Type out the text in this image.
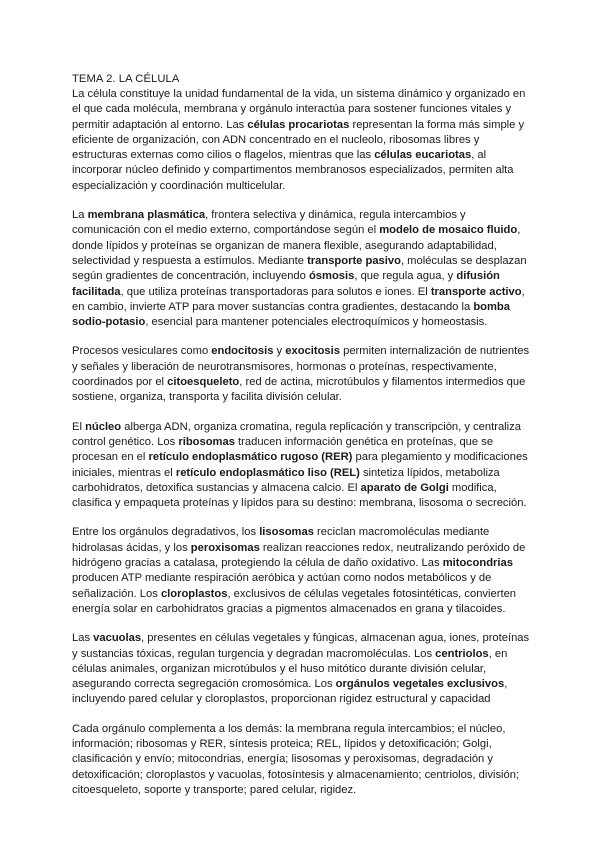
TEMA 2. LA CÉLULA

La célula constituye la unidad fundamental de la vida, un sistema dinámico y organizado en el que cada molécula, membrana y orgánulo interactúa para sostener funciones vitales y permitir adaptación al entorno. Las células procariotas representan la forma más simple y eficiente de organización, con ADN concentrado en el nucleolo, ribosomas libres y estructuras externas como cilios o flagelos, mientras que las células eucariotas, al incorporar núcleo definido y compartimentos membranosos especializados, permiten alta especialización y coordinación multicelular.

La membrana plasmática, frontera selectiva y dinámica, regula intercambios y comunicación con el medio externo, comportándose según el modelo de mosaico fluido, donde lípidos y proteínas se organizan de manera flexible, asegurando adaptabilidad, selectividad y respuesta a estímulos. Mediante transporte pasivo, moléculas se desplazan según gradientes de concentración, incluyendo ósmosis, que regula agua, y difusión facilitada, que utiliza proteínas transportadoras para solutos e iones. El transporte activo, en cambio, invierte ATP para mover sustancias contra gradientes, destacando la bomba sodio-potasio, esencial para mantener potenciales electroquímicos y homeostasis.

Procesos vesiculares como endocitosis y exocitosis permiten internalización de nutrientes y señales y liberación de neurotransmisores, hormonas o proteínas, respectivamente, coordinados por el citoesqueleto, red de actina, microtúbulos y filamentos intermedios que sostiene, organiza, transporta y facilita división celular.

El núcleo alberga ADN, organiza cromatina, regula replicación y transcripción, y centraliza control genético. Los ribosomas traducen información genética en proteínas, que se procesan en el retículo endoplasmático rugoso (RER) para plegamiento y modificaciones iniciales, mientras el retículo endoplasmático liso (REL) sintetiza lípidos, metaboliza carbohidratos, detoxifica sustancias y almacena calcio. El aparato de Golgi modifica, clasifica y empaqueta proteínas y lípidos para su destino: membrana, lisosoma o secreción.

Entre los orgánulos degradativos, los lisosomas reciclan macromoléculas mediante hidrolasas ácidas, y los peroxisomas realizan reacciones redox, neutralizando peróxido de hidrógeno gracias a catalasa, protegiendo la célula de daño oxidativo. Las mitocondrias producen ATP mediante respiración aeróbica y actúan como nodos metabólicos y de señalización. Los cloroplastos, exclusivos de células vegetales fotosintéticas, convierten energía solar en carbohidratos gracias a pigmentos almacenados en grana y tilacoides.

Las vacuolas, presentes en células vegetales y fúngicas, almacenan agua, iones, proteínas y sustancias tóxicas, regulan turgencia y degradan macromoléculas. Los centriolos, en células animales, organizan microtúbulos y el huso mitótico durante división celular, asegurando correcta segregación cromosómica. Los orgánulos vegetales exclusivos, incluyendo pared celular y cloroplastos, proporcionan rigidez estructural y capacidad

Cada orgánulo complementa a los demás: la membrana regula intercambios; el núcleo, información; ribosomas y RER, síntesis proteica; REL, lípidos y detoxificación; Golgi, clasificación y envío; mitocondrias, energía; lisosomas y peroxisomas, degradación y detoxificación; cloroplastos y vacuolas, fotosíntesis y almacenamiento; centriolos, división; citoesqueleto, soporte y transporte; pared celular, rigidez.
